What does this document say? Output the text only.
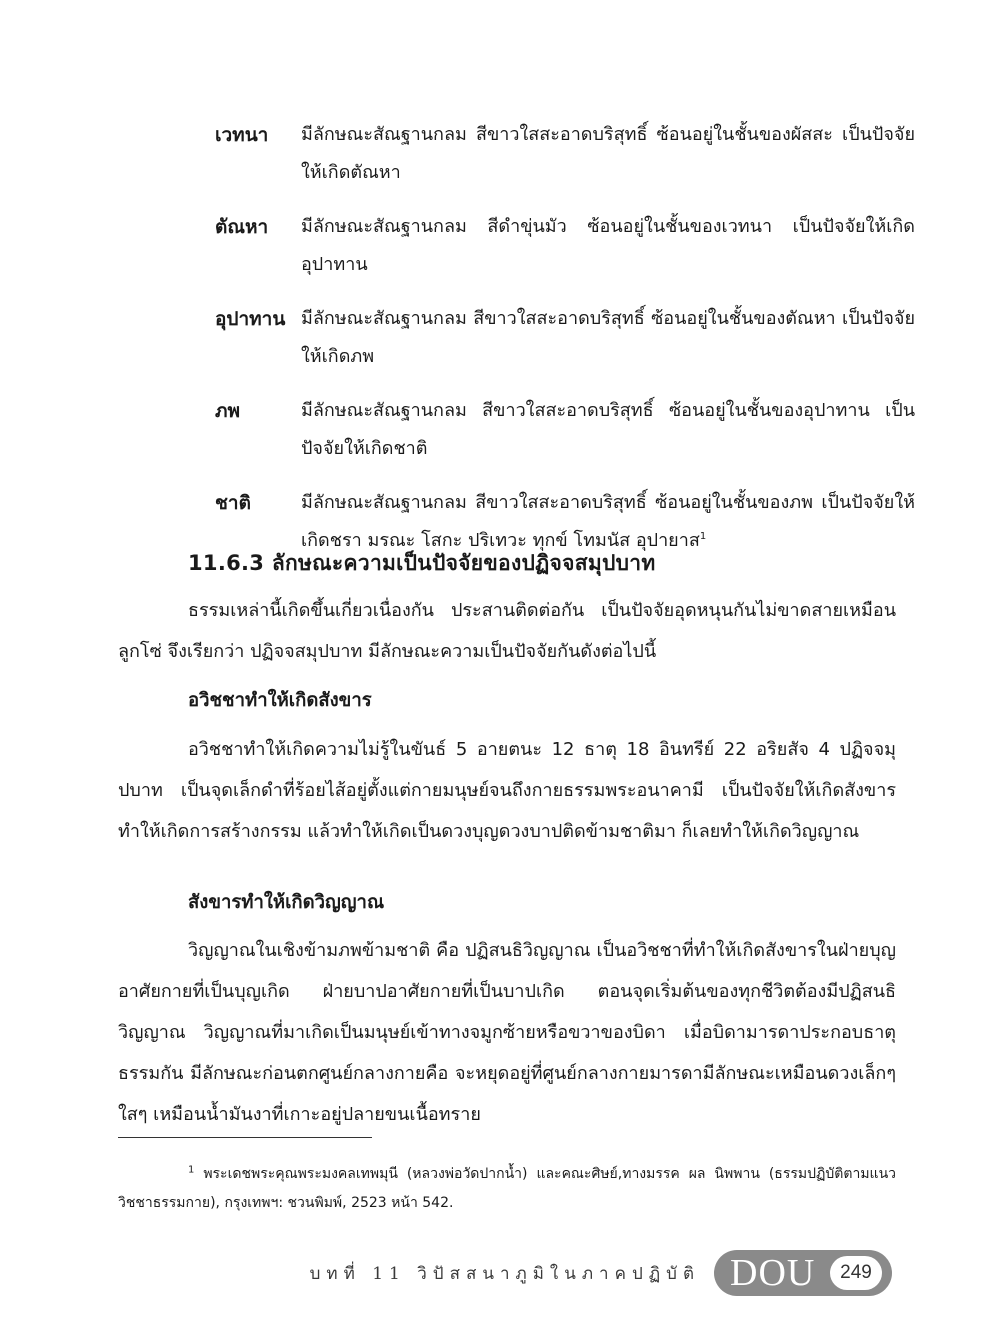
เวทนา	มีลักษณะสัณฐานกลม สีขาวใสสะอาดบริสุทธิ์ ซ้อนอยู่ในชั้นของผัสสะ เป็นปัจจัยให้เกิดตัณหา
ตัณหา	มีลักษณะสัณฐานกลม สีดำขุ่นมัว ซ้อนอยู่ในชั้นของเวทนา เป็นปัจจัยให้เกิดอุปาทาน
อุปาทาน มีลักษณะสัณฐานกลม สีขาวใสสะอาดบริสุทธิ์ ซ้อนอยู่ในชั้นของตัณหา เป็นปัจจัยให้เกิดภพ
ภพ	มีลักษณะสัณฐานกลม สีขาวใสสะอาดบริสุทธิ์ ซ้อนอยู่ในชั้นของอุปาทาน เป็นปัจจัยให้เกิดชาติ
ชาติ	มีลักษณะสัณฐานกลม สีขาวใสสะอาดบริสุทธิ์ ซ้อนอยู่ในชั้นของภพ เป็นปัจจัยให้เกิดชรา มรณะ โสกะ ปริเทวะ ทุกข์ โทมนัส อุปายาส$^1$
11.6.3 ลักษณะความเป็นปัจจัยของปฏิจจสมุปบาท
ธรรมเหล่านี้เกิดขึ้นเกี่ยวเนื่องกัน ประสานติดต่อกัน เป็นปัจจัยอุดหนุนกันไม่ขาดสายเหมือนลูกโซ่ จึงเรียกว่า ปฏิจจสมุปบาท มีลักษณะความเป็นปัจจัยกันดังต่อไปนี้
อวิชชาทำให้เกิดสังขาร
อวิชชาทำให้เกิดความไม่รู้ในขันธ์ 5 อายตนะ 12 ธาตุ 18 อินทรีย์ 22 อริยสัจ 4 ปฏิจจมุปบาท เป็นจุดเล็กดำที่ร้อยไส้อยู่ตั้งแต่กายมนุษย์จนถึงกายธรรมพระอนาคามี เป็นปัจจัยให้เกิดสังขารทำให้เกิดการสร้างกรรม แล้วทำให้เกิดเป็นดวงบุญดวงบาปติดข้ามชาติมา ก็เลยทำให้เกิดวิญญาณ
สังขารทำให้เกิดวิญญาณ
วิญญาณในเชิงข้ามภพข้ามชาติ คือ ปฏิสนธิวิญญาณ เป็นอวิชชาที่ทำให้เกิดสังขารในฝ่ายบุญอาศัยกายที่เป็นบุญเกิด ฝ่ายบาปอาศัยกายที่เป็นบาปเกิด ตอนจุดเริ่มต้นของทุกชีวิตต้องมีปฏิสนธิวิญญาณ วิญญาณที่มาเกิดเป็นมนุษย์เข้าทางจมูกซ้ายหรือขวาของบิดา เมื่อบิดามารดาประกอบธาตุธรรมกัน มีลักษณะก่อนตกศูนย์กลางกายคือ จะหยุดอยู่ที่ศูนย์กลางกายมารดามีลักษณะเหมือนดวงเล็กๆ ใสๆ เหมือนน้ำมันงาที่เกาะอยู่ปลายขนเนื้อทราย
$^1$ พระเดชพระคุณพระมงคลเทพมุนี (หลวงพ่อวัดปากน้ำ) และคณะศิษย์,ทางมรรค ผล นิพพาน (ธรรมปฏิบัติตามแนววิชชาธรรมกาย), กรุงเทพฯ: ชวนพิมพ์, 2523 หน้า 542.
บทที่ 11 วิปัสสนาภูมิในภาคปฏิบัติ DOU	249
